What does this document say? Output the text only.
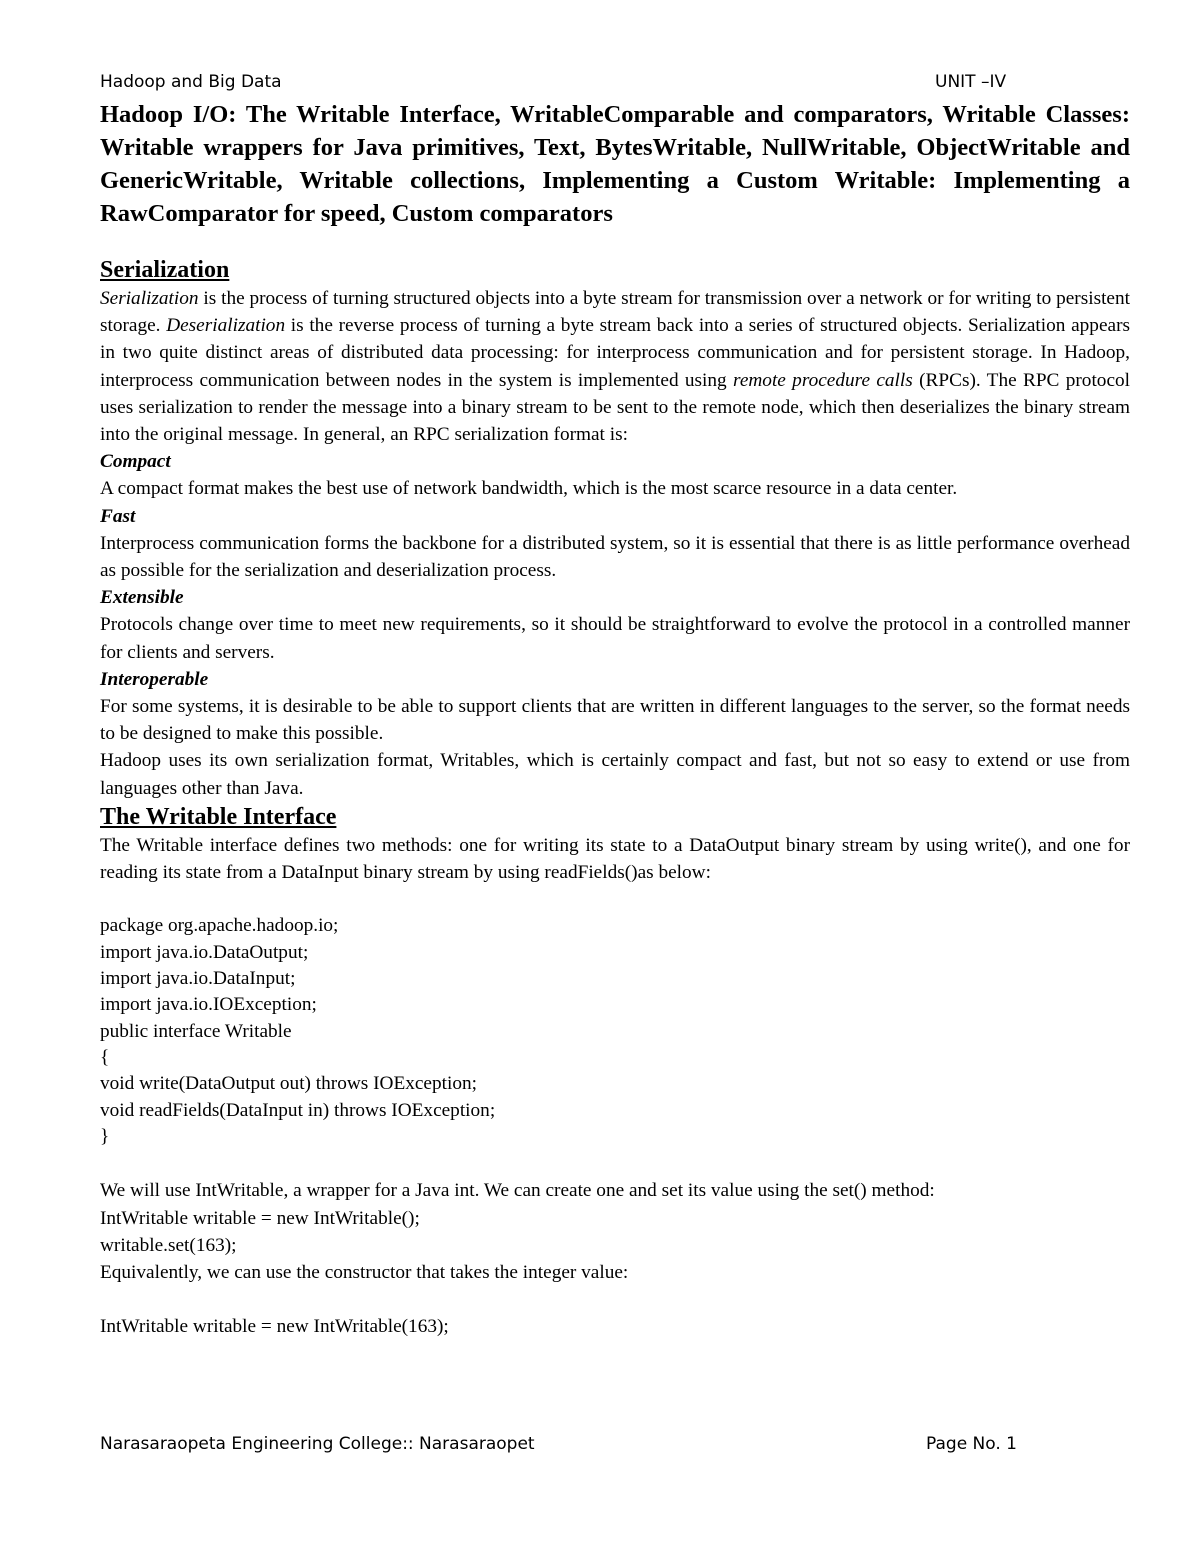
Hadoop and Big Data	UNIT –IV
Hadoop I/O: The Writable Interface, WritableComparable and comparators, Writable Classes: Writable wrappers for Java primitives, Text, BytesWritable, NullWritable, ObjectWritable and GenericWritable, Writable collections, Implementing a Custom Writable: Implementing a RawComparator for speed, Custom comparators
Serialization

Serialization is the process of turning structured objects into a byte stream for transmission over a network or for writing to persistent storage. Deserialization is the reverse process of turning a byte stream back into a series of structured objects. Serialization appears in two quite distinct areas of distributed data processing: for interprocess communication and for persistent storage. In Hadoop, interprocess communication between nodes in the system is implemented using remote procedure calls (RPCs). The RPC protocol uses serialization to render the message into a binary stream to be sent to the remote node, which then deserializes the binary stream into the original message. In general, an RPC serialization format is:

Compact

A compact format makes the best use of network bandwidth, which is the most scarce resource in a data center.

Fast

Interprocess communication forms the backbone for a distributed system, so it is essential that there is as little performance overhead as possible for the serialization and deserialization process.

Extensible

Protocols change over time to meet new requirements, so it should be straightforward to evolve the protocol in a controlled manner for clients and servers.

Interoperable

For some systems, it is desirable to be able to support clients that are written in different languages to the server, so the format needs to be designed to make this possible.

Hadoop uses its own serialization format, Writables, which is certainly compact and fast, but not so easy to extend or use from languages other than Java.

The Writable Interface

The Writable interface defines two methods: one for writing its state to a DataOutput binary stream by using write(), and one for reading its state from a DataInput binary stream by using readFields()as below:

package org.apache.hadoop.io;

import java.io.DataOutput;

import java.io.DataInput;

import java.io.IOException;

public interface Writable

{

void write(DataOutput out) throws IOException;

void readFields(DataInput in) throws IOException;

}

We will use IntWritable, a wrapper for a Java int. We can create one and set its value using the set() method:

IntWritable writable = new IntWritable();

writable.set(163);

Equivalently, we can use the constructor that takes the integer value:

IntWritable writable = new IntWritable(163);

Narasaraopeta Engineering College:: Narasaraopet	Page No. 1
